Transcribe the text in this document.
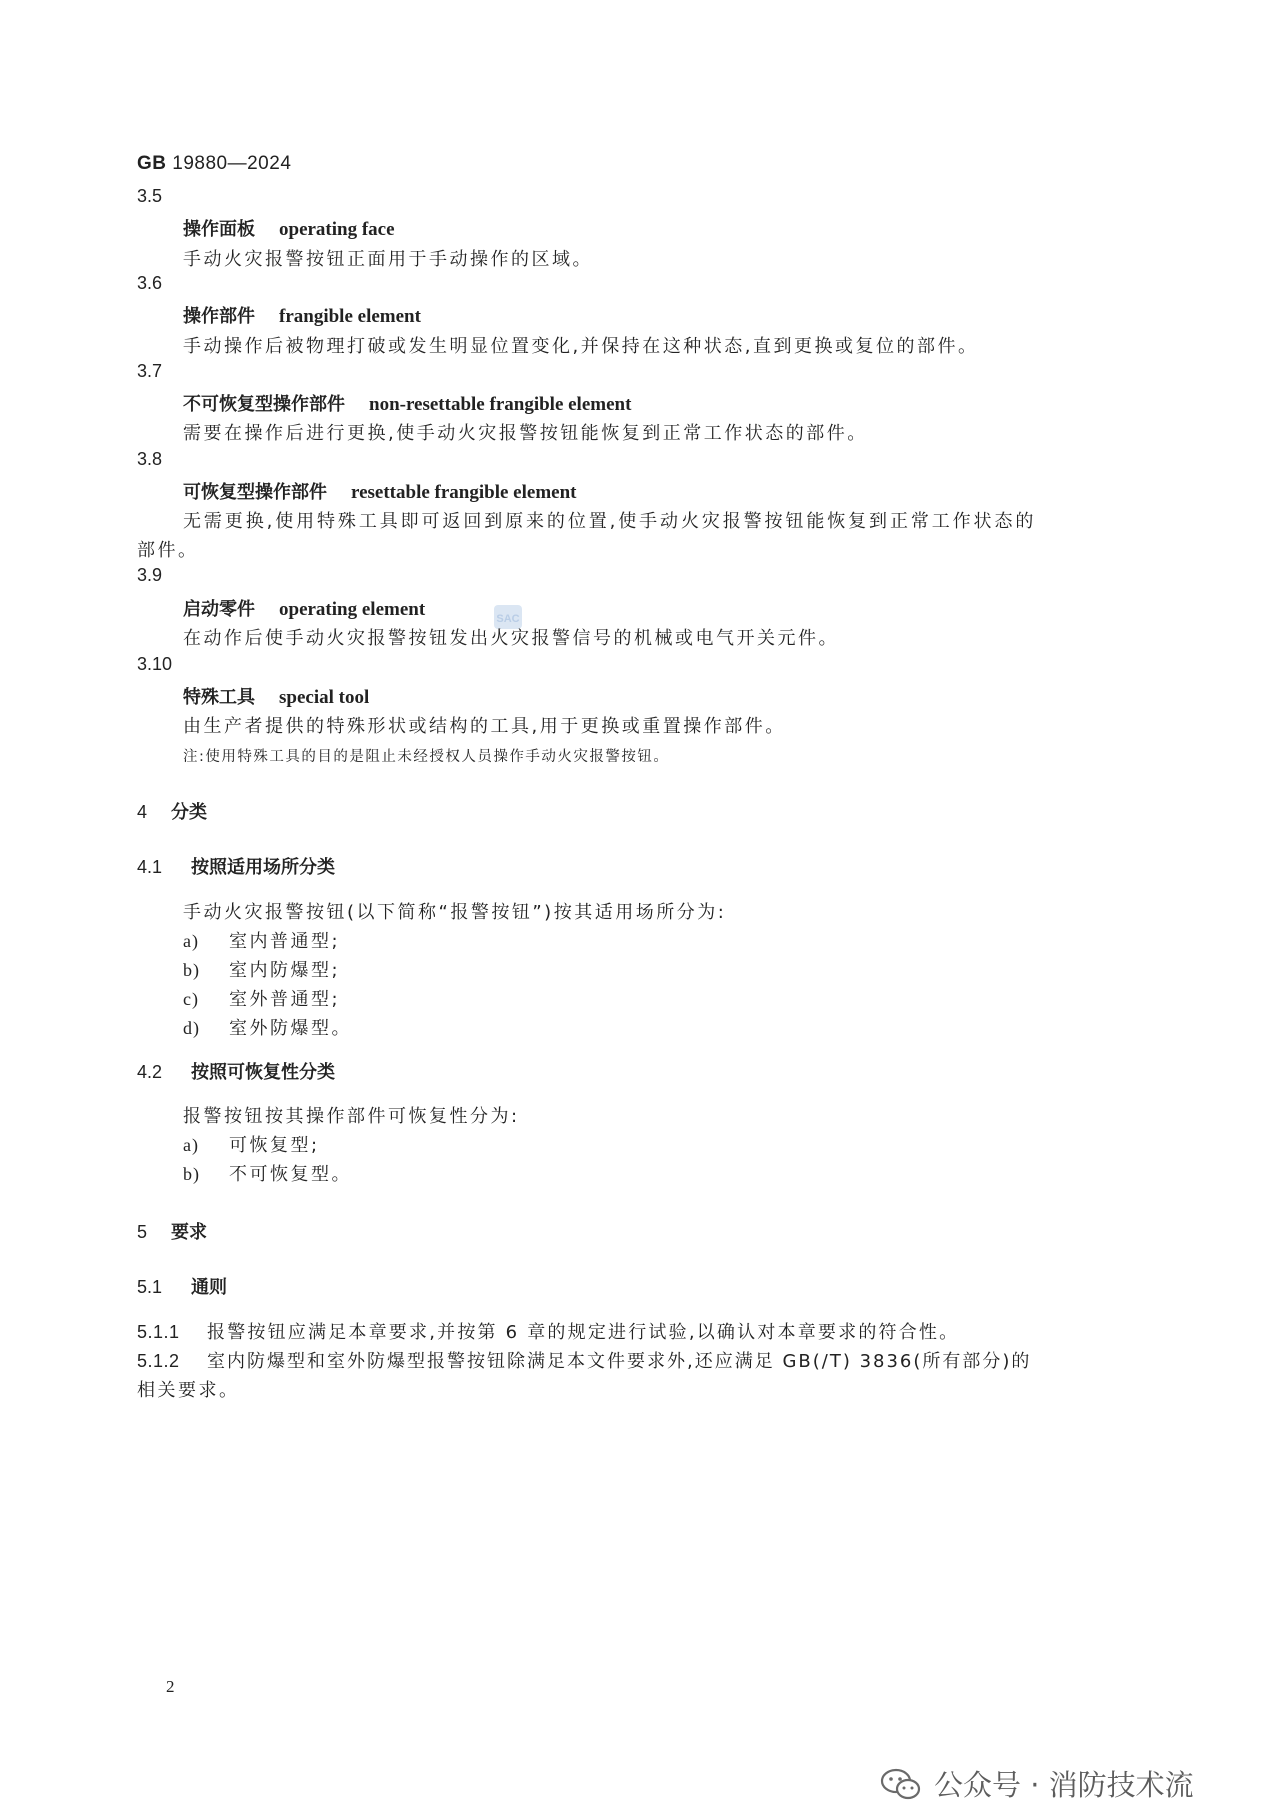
GB 19880—2024
3.5
操作面板 operating face
手动火灾报警按钮正面用于手动操作的区域。
3.6
操作部件 frangible element
手动操作后被物理打破或发生明显位置变化,并保持在这种状态,直到更换或复位的部件。
3.7
不可恢复型操作部件 non-resettable frangible element
需要在操作后进行更换,使手动火灾报警按钮能恢复到正常工作状态的部件。
3.8
可恢复型操作部件 resettable frangible element
无需更换,使用特殊工具即可返回到原来的位置,使手动火灾报警按钮能恢复到正常工作状态的
部件。
SAC
3.9
启动零件 operating element
在动作后使手动火灾报警按钮发出火灾报警信号的机械或电气开关元件。
3.10
特殊工具 special tool
由生产者提供的特殊形状或结构的工具,用于更换或重置操作部件。
注:使用特殊工具的目的是阻止未经授权人员操作手动火灾报警按钮。
4 分类
4.1 按照适用场所分类
手动火灾报警按钮(以下简称“报警按钮”)按其适用场所分为:
a) 室内普通型;
b) 室内防爆型;
c) 室外普通型;
d) 室外防爆型。
4.2 按照可恢复性分类
报警按钮按其操作部件可恢复性分为:
a) 可恢复型;
b) 不可恢复型。
5 要求
5.1 通则
5.1.1 报警按钮应满足本章要求,并按第 6 章的规定进行试验,以确认对本章要求的符合性。
5.1.2 室内防爆型和室外防爆型报警按钮除满足本文件要求外,还应满足 GB(/T) 3836(所有部分)的
相关要求。
2
公众号 · 消防技术流
